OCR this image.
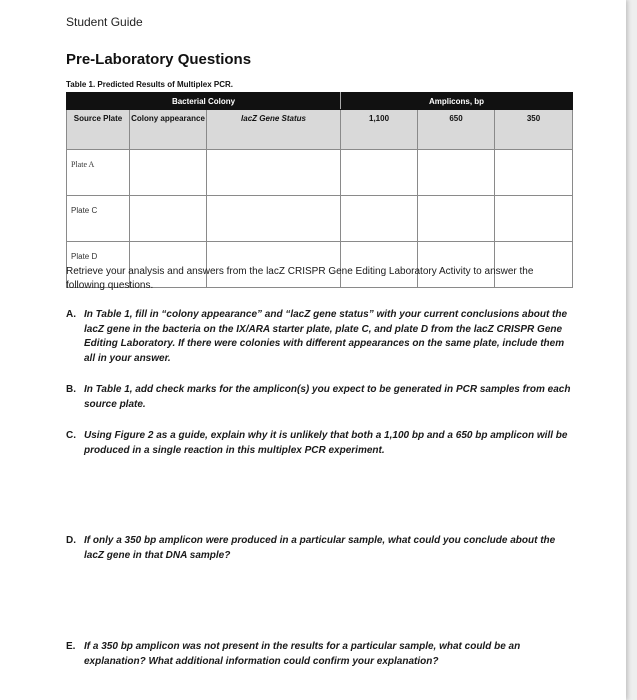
Student Guide
Pre-Laboratory Questions
Table 1. Predicted Results of Multiplex PCR.
Bacterial Colony			Amplicons, bp		
Source Plate	Colony appearance	lacZ Gene Status	1,100	650	350
Plate A					
Plate C					
Plate D					

Retrieve your analysis and answers from the lacZ CRISPR Gene Editing Laboratory Activity to answer the following questions.

A. In Table 1, fill in “colony appearance” and “lacZ gene status” with your current conclusions about the lacZ gene in the bacteria on the IX/ARA starter plate, plate C, and plate D from the lacZ CRISPR Gene Editing Laboratory. If there were colonies with different appearances on the same plate, include them all in your answer.
B. In Table 1, add check marks for the amplicon(s) you expect to be generated in PCR samples from each source plate.
C. Using Figure 2 as a guide, explain why it is unlikely that both a 1,100 bp and a 650 bp amplicon will be produced in a single reaction in this multiplex PCR experiment.
D. If only a 350 bp amplicon were produced in a particular sample, what could you conclude about the lacZ gene in that DNA sample?
E. If a 350 bp amplicon was not present in the results for a particular sample, what could be an explanation? What additional information could confirm your explanation?
